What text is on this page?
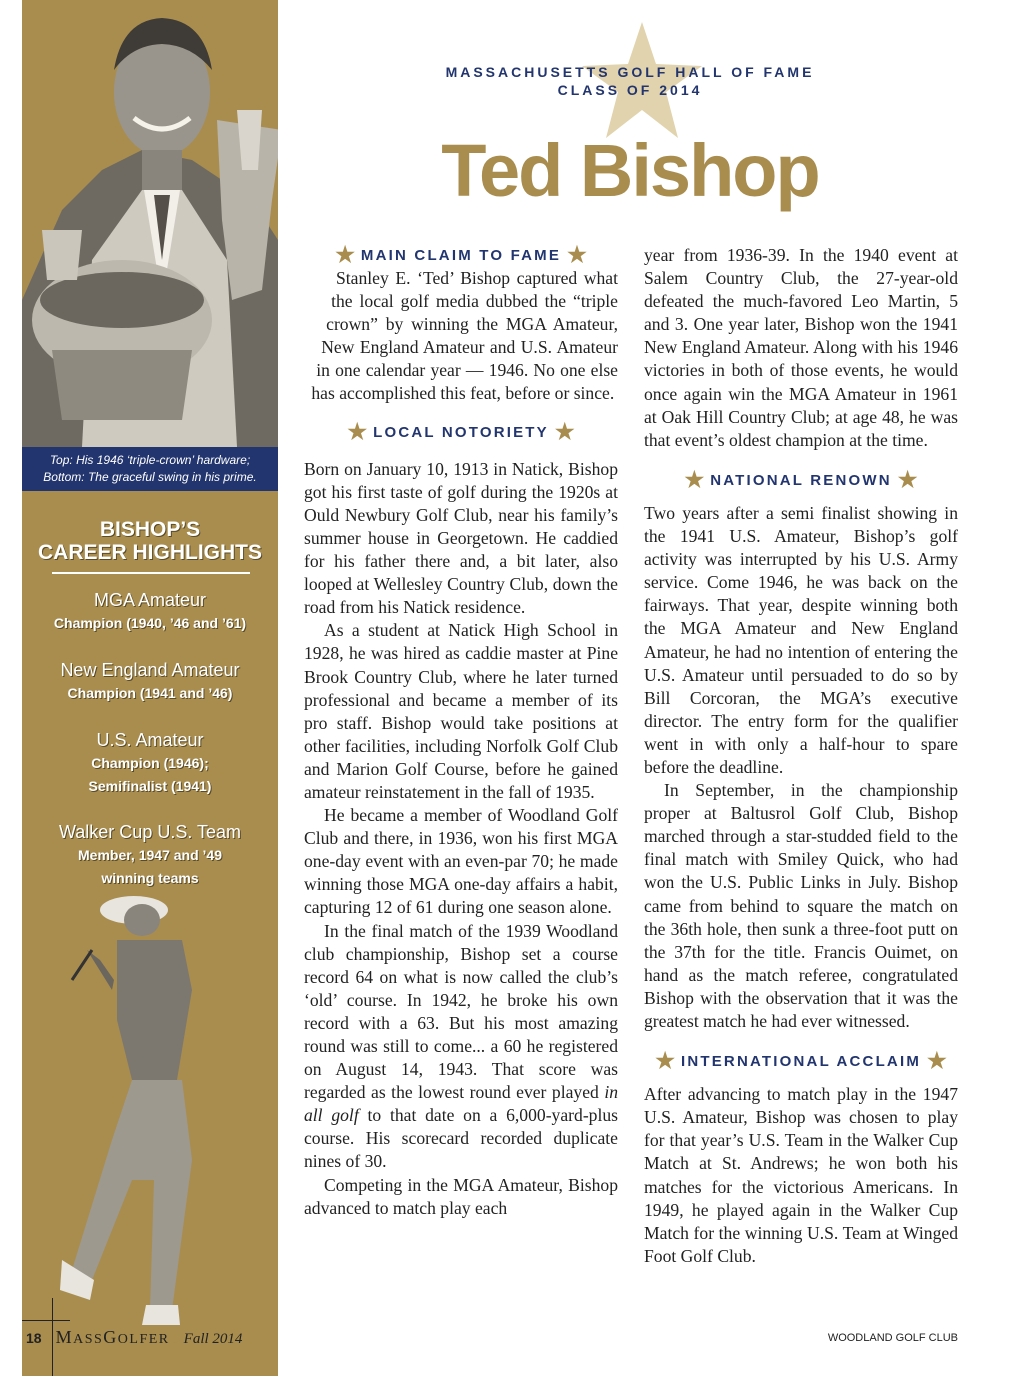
Top: His 1946 ‘triple-crown’ hardware;
Bottom: The graceful swing in his prime.
BISHOP’S
CAREER HIGHLIGHTS
MGA Amateur
Champion (1940, ’46 and ’61)
New England Amateur
Champion (1941 and ’46)
U.S. Amateur
Champion (1946);
Semifinalist (1941)
Walker Cup U.S. Team
Member, 1947 and ’49
winning teams
18 MASSGOLFER ■ Fall 2014	WOODLAND GOLF CLUB
MASSACHUSETTS GOLF HALL OF FAME
CLASS OF 2014
Ted Bishop
★ MAIN CLAIM TO FAME ★

Stanley E. ‘Ted’ Bishop captured what the local golf media dubbed the “triple crown” by winning the MGA Amateur, New England Amateur and U.S. Amateur in one calendar year — 1946. No one else has accomplished this feat, before or since.

★ LOCAL NOTORIETY ★

Born on January 10, 1913 in Natick, Bishop got his first taste of golf during the 1920s at Ould Newbury Golf Club, near his family’s summer house in Georgetown. He caddied for his father there and, a bit later, also looped at Wellesley Country Club, down the road from his Natick residence.

As a student at Natick High School in 1928, he was hired as caddie master at Pine Brook Country Club, where he later turned professional and became a member of its pro staff. Bishop would take positions at other facilities, including Norfolk Golf Club and Marion Golf Course, before he gained amateur reinstatement in the fall of 1935.

He became a member of Woodland Golf Club and there, in 1936, won his first MGA one-day event with an even-par 70; he made winning those MGA one-day affairs a habit, capturing 12 of 61 during one season alone.

In the final match of the 1939 Woodland club championship, Bishop set a course record 64 on what is now called the club’s ‘old’ course. In 1942, he broke his own record with a 63. But his most amazing round was still to come... a 60 he registered on August 14, 1943. That score was regarded as the lowest round ever played in all golf to that date on a 6,000-yard-plus course. His scorecard recorded duplicate nines of 30.

Competing in the MGA Amateur, Bishop advanced to match play each

year from 1936-39. In the 1940 event at Salem Country Club, the 27-year-old defeated the much-favored Leo Martin, 5 and 3. One year later, Bishop won the 1941 New England Amateur. Along with his 1946 victories in both of those events, he would once again win the MGA Amateur in 1961 at Oak Hill Country Club; at age 48, he was that event’s oldest champion at the time.

★ NATIONAL RENOWN ★

Two years after a semi finalist showing in the 1941 U.S. Amateur, Bishop’s golf activity was interrupted by his U.S. Army service. Come 1946, he was back on the fairways. That year, despite winning both the MGA Amateur and New England Amateur, he had no intention of entering the U.S. Amateur until persuaded to do so by Bill Corcoran, the MGA’s executive director. The entry form for the qualifier went in with only a half-hour to spare before the deadline.

In September, in the championship proper at Baltusrol Golf Club, Bishop marched through a star-studded field to the final match with Smiley Quick, who had won the U.S. Public Links in July. Bishop came from behind to square the match on the 36th hole, then sunk a three-foot putt on the 37th for the title. Francis Ouimet, on hand as the match referee, congratulated Bishop with the observation that it was the greatest match he had ever witnessed.

★ INTERNATIONAL ACCLAIM ★

After advancing to match play in the 1947 U.S. Amateur, Bishop was chosen to play for that year’s U.S. Team in the Walker Cup Match at St. Andrews; he won both his matches for the victorious Americans. In 1949, he played again in the Walker Cup Match for the winning U.S. Team at Winged Foot Golf Club.
